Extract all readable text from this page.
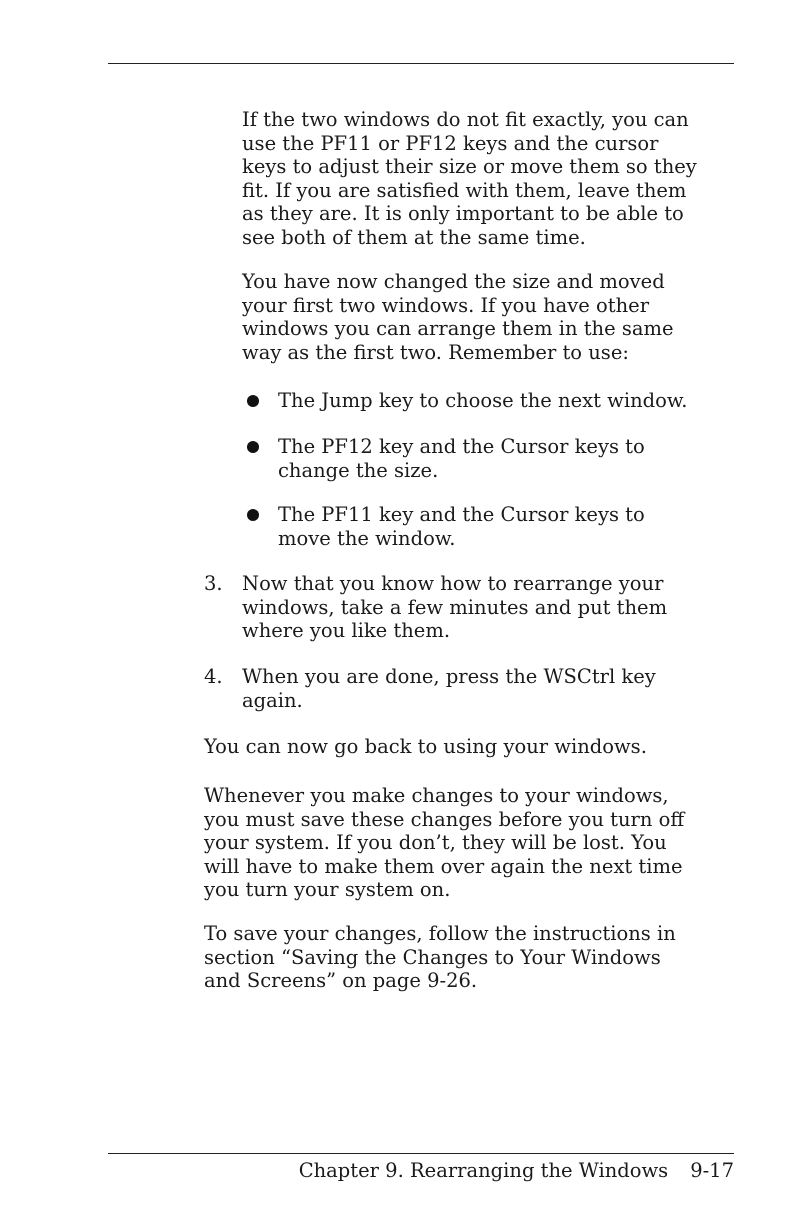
If the two windows do not fit exactly, you can
use the PF11 or PF12 keys and the cursor
keys to adjust their size or move them so they
fit. If you are satisfied with them, leave them
as they are. It is only important to be able to
see both of them at the same time.

You have now changed the size and moved
your first two windows. If you have other
windows you can arrange them in the same
way as the first two. Remember to use:

The Jump key to choose the next window.
The PF12 key and the Cursor keys to
change the size.
The PF11 key and the Cursor keys to
move the window.
3. Now that you know how to rearrange your
windows, take a few minutes and put them
where you like them.
4. When you are done, press the WSCtrl key
again.

You can now go back to using your windows.

Whenever you make changes to your windows,
you must save these changes before you turn off
your system. If you don’t, they will be lost. You
will have to make them over again the next time
you turn your system on.

To save your changes, follow the instructions in
section “Saving the Changes to Your Windows
and Screens” on page 9-26.

Chapter 9. Rearranging the Windows 9-17
